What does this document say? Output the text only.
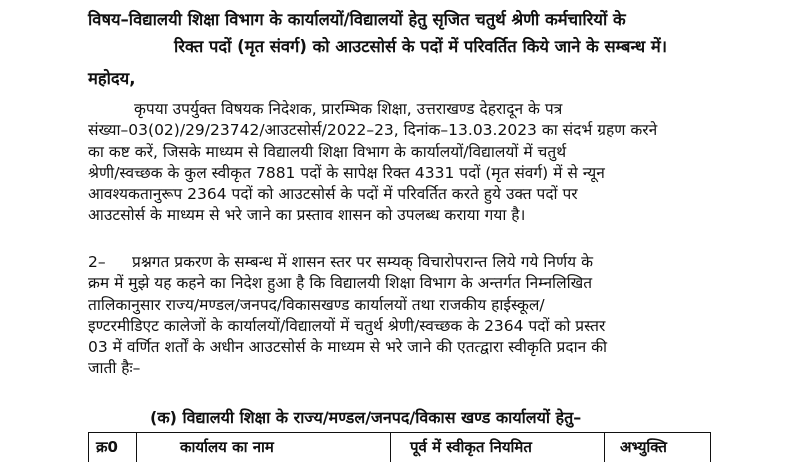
विषय–विद्यालयी शिक्षा विभाग के कार्यालयों/विद्यालयों हेतु सृजित चतुर्थ श्रेणी कर्मचारियों के
रिक्त पदों (मृत संवर्ग) को आउटसोर्स के पदों में परिवर्तित किये जाने के सम्बन्ध में।
महोदय,
कृपया उपर्युक्त विषयक निदेशक, प्रारम्भिक शिक्षा, उत्तराखण्ड देहरादून के पत्र
संख्या–03(02)/29/23742/आउटसोर्स/2022–23, दिनांक–13.03.2023 का संदर्भ ग्रहण करने
का कष्ट करें, जिसके माध्यम से विद्यालयी शिक्षा विभाग के कार्यालयों/विद्यालयों में चतुर्थ
श्रेणी/स्वच्छक के कुल स्वीकृत 7881 पदों के सापेक्ष रिक्त 4331 पदों (मृत संवर्ग) में से न्यून
आवश्यकतानुरूप 2364 पदों को आउटसोर्स के पदों में परिवर्तित करते हुये उक्त पदों पर
आउटसोर्स के माध्यम से भरे जाने का प्रस्ताव शासन को उपलब्ध कराया गया है।
2– प्रश्नगत प्रकरण के सम्बन्ध में शासन स्तर पर सम्यक् विचारोपरान्त लिये गये निर्णय के
क्रम में मुझे यह कहने का निदेश हुआ है कि विद्यालयी शिक्षा विभाग के अन्तर्गत निम्नलिखित
तालिकानुसार राज्य/मण्डल/जनपद/विकासखण्ड कार्यालयों तथा राजकीय हाईस्कूल/
इण्टरमीडिएट कालेजों के कार्यालयों/विद्यालयों में चतुर्थ श्रेणी/स्वच्छक के 2364 पदों को प्रस्तर
03 में वर्णित शर्तों के अधीन आउटसोर्स के माध्यम से भरे जाने की एतत्द्वारा स्वीकृति प्रदान की
जाती हैः–
(क) विद्यालयी शिक्षा के राज्य/मण्डल/जनपद/विकास खण्ड कार्यालयों हेतु–
क्र0	कार्यालय का नाम	पूर्व में स्वीकृत नियमित	अभ्युक्ति
